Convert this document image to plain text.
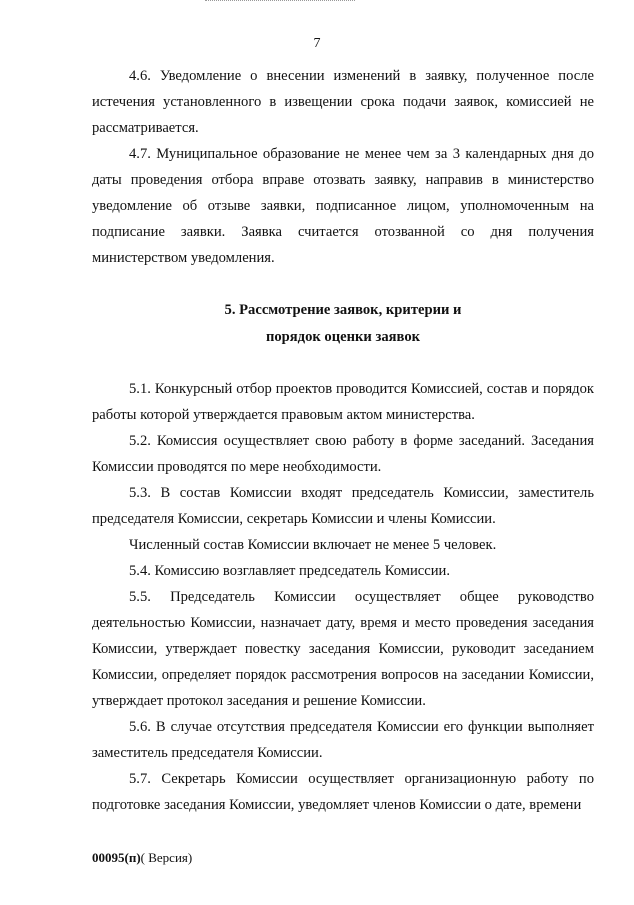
7

4.6. Уведомление о внесении изменений в заявку, полученное после истечения установленного в извещении срока подачи заявок, комиссией не рассматривается.

4.7. Муниципальное образование не менее чем за 3 календарных дня до даты проведения отбора вправе отозвать заявку, направив в министерство уведомление об отзыве заявки, подписанное лицом, уполномоченным на подписание заявки. Заявка считается отозванной со дня получения министерством уведомления.

5. Рассмотрение заявок, критерии и

порядок оценки заявок

5.1. Конкурсный отбор проектов проводится Комиссией, состав и порядок работы которой утверждается правовым актом министерства.

5.2. Комиссия осуществляет свою работу в форме заседаний. Заседания Комиссии проводятся по мере необходимости.

5.3. В состав Комиссии входят председатель Комиссии, заместитель председателя Комиссии, секретарь Комиссии и члены Комиссии.

Численный состав Комиссии включает не менее 5 человек.

5.4. Комиссию возглавляет председатель Комиссии.

5.5. Председатель Комиссии осуществляет общее руководство деятельностью Комиссии, назначает дату, время и место проведения заседания Комиссии, утверждает повестку заседания Комиссии, руководит заседанием Комиссии, определяет порядок рассмотрения вопросов на заседании Комиссии, утверждает протокол заседания и решение Комиссии.

5.6. В случае отсутствия председателя Комиссии его функции выполняет заместитель председателя Комиссии.

5.7. Секретарь Комиссии осуществляет организационную работу по подготовке заседания Комиссии, уведомляет членов Комиссии о дате, времени

00095(п)( Версия)
